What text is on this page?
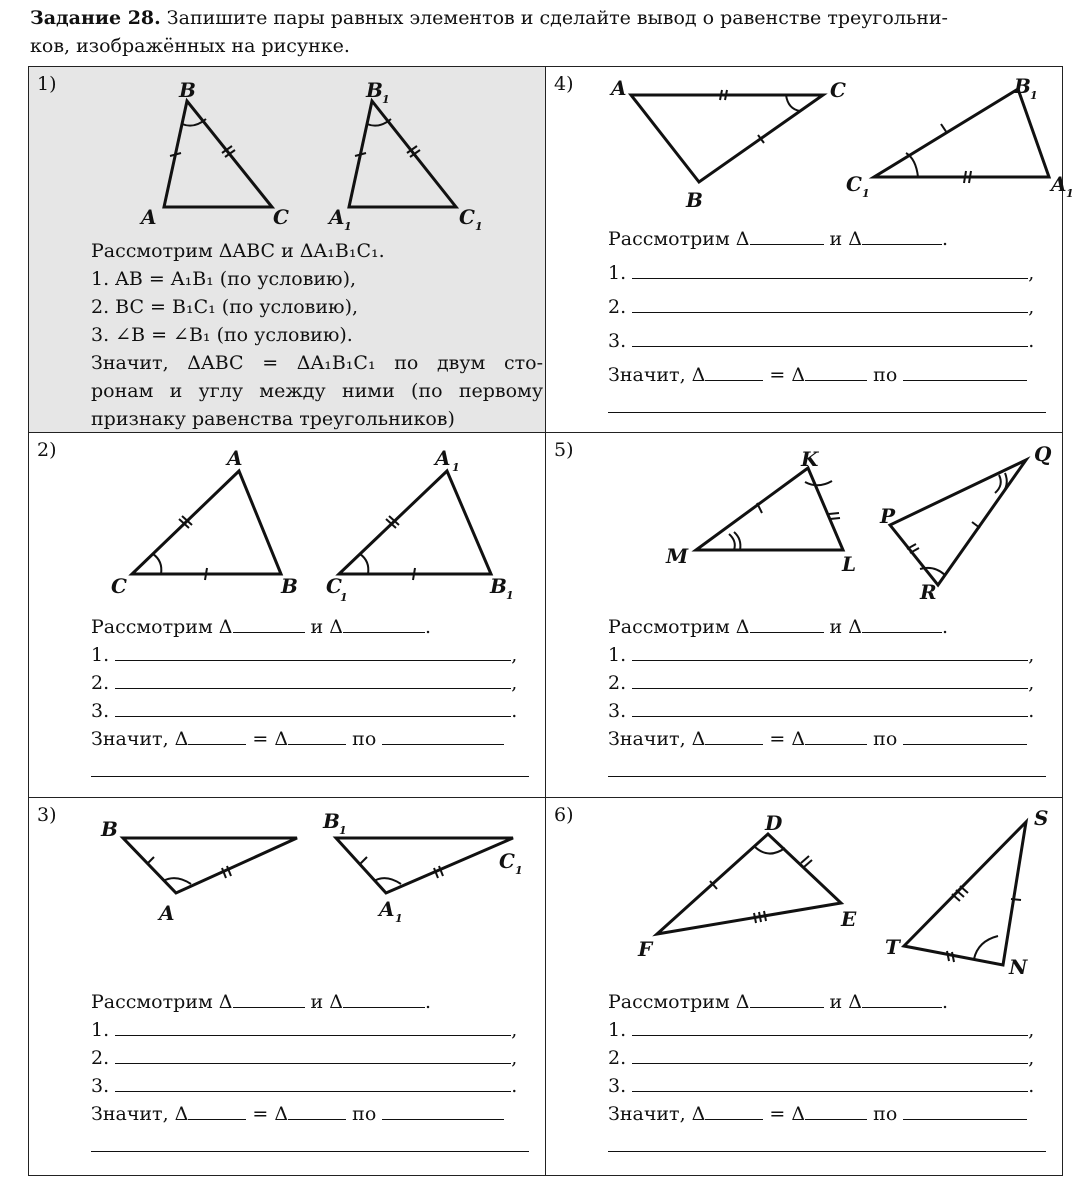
Задание 28. Запишите пары равных элементов и сделайте вывод о равенстве треугольни-
ков, изображённых на рисунке.
1)	B
A	C
B 1
A 1	C 1
Рассмотрим ΔABC и ΔA₁B₁C₁.
1. AB = A₁B₁ (по условию),
2. BC = B₁C₁ (по условию),
3. ∠B = ∠B₁ (по условию).
Значит, ΔABC = ΔA₁B₁C₁ по двум сто-
ронам и углу между ними (по первому
признаку равенства треугольников)
4) A	C
B
B 1
C 1	A 1
Рассмотрим Δ	и Δ	.
1.	,
2.	,
3.	.
Значит, Δ	= Δ	по
2)	A
C	B
A 1
C
1	B 1
Рассмотрим Δ	и Δ	.
1.	,
2.	,
3.	.
Значит, Δ	= Δ	по
5)	K
M	L
Q
P
R
Рассмотрим Δ	и Δ	.
1.	,
2.	,
3.	.
Значит, Δ	= Δ	по
3)
B
A
B 1
A 1
C 1
Рассмотрим Δ	и Δ	.
1.	,
2.	,
3.	.
Значит, Δ	= Δ	по
6)	D
F
E
S
T
N
Рассмотрим Δ	и Δ	.
1.	,
2.	,
3.	.
Значит, Δ	= Δ	по
